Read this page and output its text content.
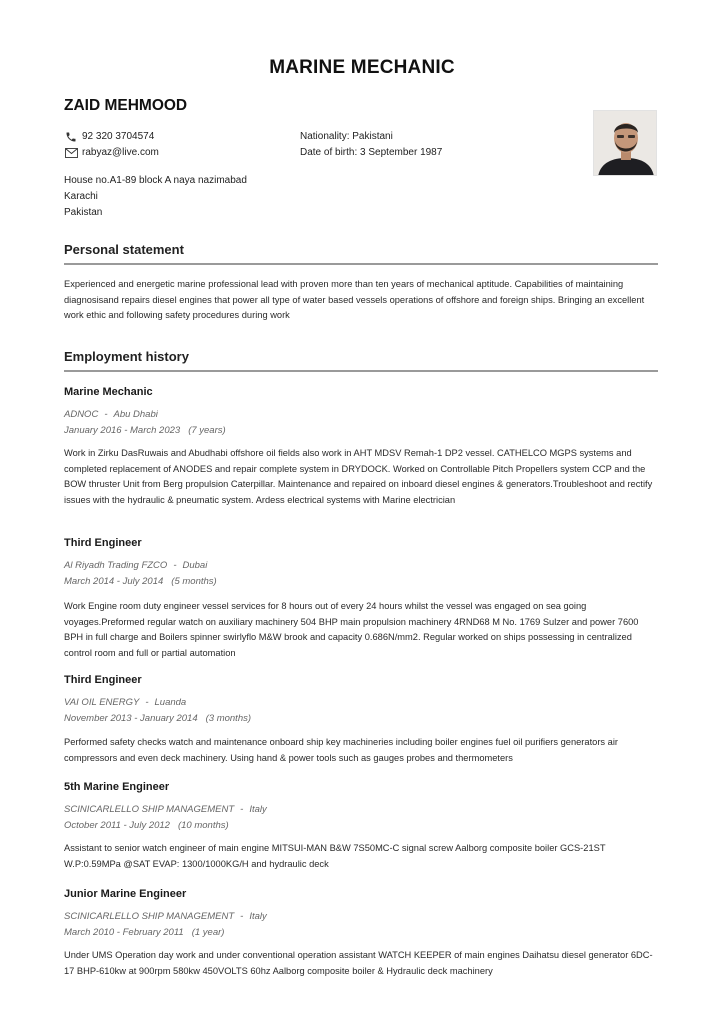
MARINE MECHANIC
ZAID MEHMOOD
92 320 3704574
rabyaz@live.com
Nationality: Pakistani
Date of birth: 3 September 1987
House no.A1-89 block A naya nazimabad
Karachi
Pakistan
Personal statement
Experienced and energetic marine professional lead with proven more than ten years of mechanical aptitude. Capabilities of maintaining diagnosisand repairs diesel engines that power all type of water based vessels operations of offshore and foreign ships. Bringing an excellent work ethic and following safety procedures during work
Employment history
Marine Mechanic
ADNOC - Abu Dhabi
January 2016 - March 2023 (7 years)
Work in Zirku DasRuwais and Abudhabi offshore oil fields also work in AHT MDSV Remah-1 DP2 vessel. CATHELCO MGPS systems and completed replacement of ANODES and repair complete system in DRYDOCK. Worked on Controllable Pitch Propellers system CCP and the BOW thruster Unit from Berg propulsion Caterpillar. Maintenance and repaired on inboard diesel engines & generators.Troubleshoot and rectify issues with the hydraulic & pneumatic system. Ardess electrical systems with Marine electrician
Third Engineer
Al Riyadh Trading FZCO - Dubai
March 2014 - July 2014 (5 months)
Work Engine room duty engineer vessel services for 8 hours out of every 24 hours whilst the vessel was engaged on sea going voyages.Preformed regular watch on auxiliary machinery 504 BHP main propulsion machinery 4RND68 M No. 1769 Sulzer and power 7600 BPH in full charge and Boilers spinner swirlyflo M&W brook and capacity 0.686N/mm2. Regular worked on ships possessing in centralized control room and full or partial automation
Third Engineer
VAI OIL ENERGY - Luanda
November 2013 - January 2014 (3 months)
Performed safety checks watch and maintenance onboard ship key machineries including boiler engines fuel oil purifiers generators air compressors and even deck machinery. Using hand & power tools such as gauges probes and thermometers
5th Marine Engineer
SCINICARLELLO SHIP MANAGEMENT - Italy
October 2011 - July 2012 (10 months)
Assistant to senior watch engineer of main engine MITSUI-MAN B&W 7S50MC-C signal screw Aalborg composite boiler GCS-21ST W.P:0.59MPa @SAT EVAP: 1300/1000KG/H and hydraulic deck
Junior Marine Engineer
SCINICARLELLO SHIP MANAGEMENT - Italy
March 2010 - February 2011 (1 year)
Under UMS Operation day work and under conventional operation assistant WATCH KEEPER of main engines Daihatsu diesel generator 6DC-17 BHP-610kw at 900rpm 580kw 450VOLTS 60hz Aalborg composite boiler & Hydraulic deck machinery
